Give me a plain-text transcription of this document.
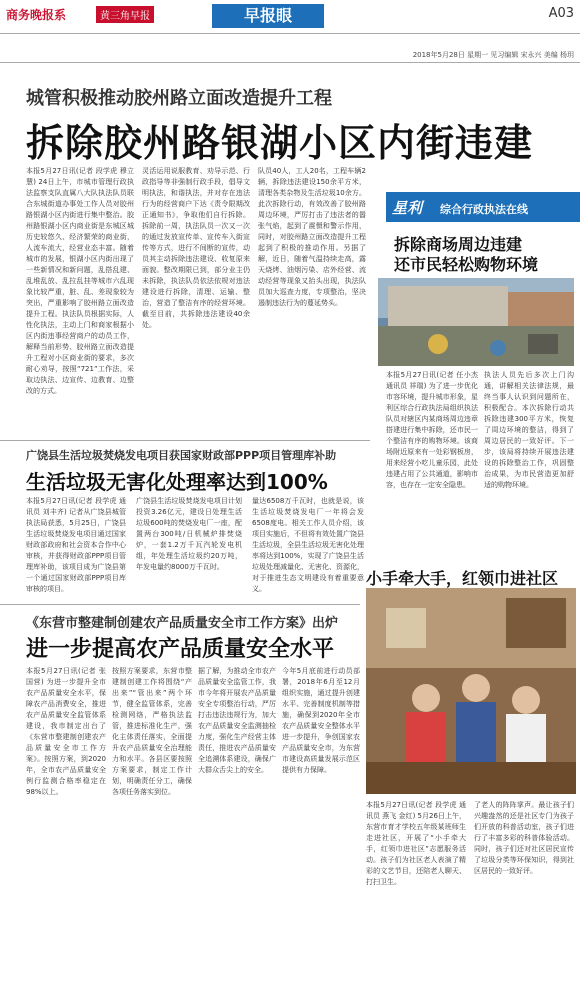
商务晚报系	黄三角早报	早报眼	A03
2018年5月28日 星期一 见习编辑 宋永兴 美编 杨玥
城管积极推动胶州路立面改造提升工程
拆除胶州路银湖小区内街违建
本报5月27日讯(记者 段学虎 穆立慧) 24日上午，市城市管理行政执法监察支队直属八大队执法队员联合东城街道办事处工作人员对胶州路银湖小区内街进行集中整治。胶州路银湖小区内商业街是东城区城历史较悠久、经济繁荣的商业街，人流车流大，经营业态丰富。随着城市的发展，银湖小区内街出现了一些新情况和新问题，乱搭乱建、乱堆乱放、乱拉乱挂等城市六乱现象比较严重，脏、乱、差现象较为突出，严重影响了胶州路立面改造提升工程。执法队员根据实际，人性化执法，主动上门和商家根据小区内街违事经营商户的动员工作，解释当前形势、胶州路立面改造提升工程对小区商业街的要求，多次耐心劝导，按照“721”工作法，采取边执法、边宣传、边教育、边整改的方式。
灵活运用说服教育、劝导示范、行政指导等非强制行政手段，倡导文明执法，和谐执法，并对存在违法行为的经营商户下达《责令限期改正通知书》，争取他们自行拆除。拆除前一周，执法队员一次又一次的通过发放宣传单、宣传车入街宣传等方式，进行不间断的宣传，动员其主动拆除违法建设、收复原来面貌。整改期限已到，部分业主仍未拆除，执法队员依法依规对违法建设进行拆除，清理、运输、整治，营造了整洁有序的经营环境。截至目前，共拆除违法建设40余处。
队员40人，工人20名，工程车辆2辆，拆除违法建设150余平方米，清理各类杂物及生活垃圾10余方。此次拆除行动，有效改善了胶州路周边环境，严厉打击了违法者的嚣张气焰，起到了震慑和警示作用，同时，对胶州路立面改造提升工程起到了积极的推动作用。另据了解，近日，随着气温持续走高，露天烧烤、油烟污染、店外经营、流动经营等现象又抬头出现，执法队员加大巡查力度，专项整治，坚决遏制违法行为的蔓延势头。
星利 综合行政执法在线
拆除商场周边违建
还市民轻松购物环境
本报5月27日讯(记者 任小杰 通讯员 祥瑞) 为了进一步优化市容环境，提升城市形象，星利区综合行政执法局组织执法队员对辖区内某商场周边违章搭建进行集中拆除，还市民一个整洁有序的购物环境。该商场附近原来有一处彩钢板房，用来经营小吃儿童乐园，此处违建占用了公共通道，影响市容，也存在一定安全隐患。
执法人员先后多次上门沟通，讲解相关法律法规，最终当事人认识到问题所在，积极配合。本次拆除行动共拆除违建300平方米，恢复了周边环境的整洁，得到了周边居民的一致好评。下一步，该局将持续开展违法建设的拆除整治工作，巩固整治成果，为市民营造更加舒适的购物环境。
广饶县生活垃圾焚烧发电项目获国家财政部PPP项目管理库补助
生活垃圾无害化处理率达到100%
本报5月27日讯(记者 段学虎 通讯员 刘丰齐) 记者从广饶县城管执法局获悉，5月25日，广饶县生活垃圾焚烧发电项目通过国家财政部政府和社会资本合作中心审核，并获得财政部PPP项目管理库补助，该项目成为广饶县第一个通过国家财政部PPP项目库审核的项目。
广饶县生活垃圾焚烧发电项目计划投资3.26亿元，建设日处理生活垃圾600吨的焚烧发电厂一座，配置两台300吨/日机械炉排焚烧炉，一套1.2万千瓦汽轮发电机组，年处理生活垃圾约20万吨，年发电量约8000万千瓦时。
量达6508万千瓦时，也就是说，该生活垃圾焚烧发电厂一年将会发6508度电。相关工作人员介绍，该项目实施后，不但将有效处置广饶县生活垃圾，全县生活垃圾无害化处理率将达到100%，实现了广饶县生活垃圾处理减量化、无害化、资源化，对于推进生态文明建设有着重要意义。
小手牵大手，红领巾进社区
本报5月27日讯(记者 段学虎 通讯员 燕飞 金红) 5月26日上午，东营市育才学校五年级某班师生走进社区，开展了“小手牵大手，红领巾进社区”志愿服务活动。孩子们为社区老人表演了精彩的文艺节目，还陪老人聊天、打扫卫生。
了老人的阵阵掌声。最让孩子们兴趣盎然的还是社区专门为孩子们开放的科普活动室，孩子们进行了丰富多彩的科普体验活动。同时，孩子们还对社区居民宣传了垃圾分类等环保知识，得到社区居民的一致好评。
《东营市整建制创建农产品质量安全市工作方案》出炉
进一步提高农产品质量安全水平
本报5月27日讯(记者 张国营) 为进一步提升全市农产品质量安全水平，保障农产品消费安全，推进农产品质量安全监管体系建设，我市制定出台了《东营市整建制创建农产品质量安全市工作方案》。按照方案，到2020年，全市农产品质量安全例行监测合格率稳定在98%以上。
按照方案要求，东营市整建制创建工作将围绕“产出来”“管出来”两个环节，健全监管体系，完善检测网络，严格执法监管，推进标准化生产，强化主体责任落实，全面提升农产品质量安全治理能力和水平。各县区要按照方案要求，制定工作计划，明确责任分工，确保各项任务落实到位。
据了解，为推动全市农产品质量安全监管工作，我市今年将开展农产品质量安全专项整治行动，严厉打击违法违规行为，加大农产品质量安全监测抽检力度，强化生产经营主体责任，推进农产品质量安全追溯体系建设，确保广大群众舌尖上的安全。
今年5月底前进行动员部署，2018年6月至12月组织实施，通过提升创建水平、完善制度机制等措施，确保到2020年全市农产品质量安全整体水平进一步提升，争创国家农产品质量安全市，为东营市建设高质量发展示范区提供有力保障。
